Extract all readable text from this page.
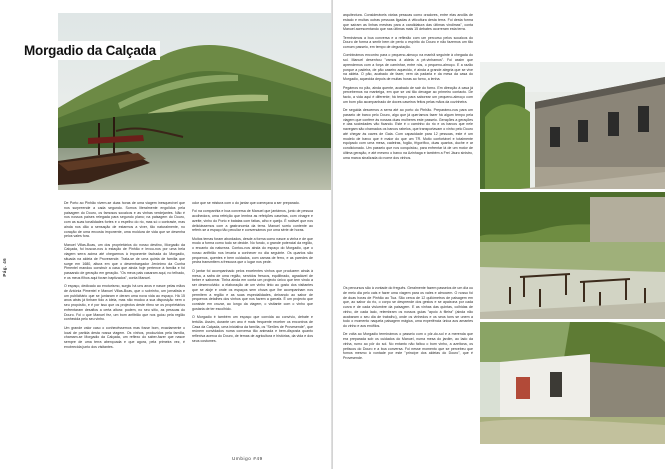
Morgadio da Calçada
Pág. 46

De Porto ao Pinhão vivem-se duas horas de uma viagem inesquecível que nos surpreende a cada segundo. Somos literalmente engolidos pela paisagem do Douro, os famosos socalcos e as vinhas verdejantes. Não é nos nossos países relegada para segundo plano; na paisagem do Douro, com as suas tonalidades fortes e o espelho do rio, mas só o contraste, mas ainda nos dão a sensação de estarmos a viver, tão naturalmente, no coração de uma encosta imponente, uma moldura de vida que se desenha pelos vales fora.

Manuel Villas-Boas, um dos proprietários do nosso destino, Morgadio da Calçada, foi buscar-nos à estação de Pinhão e levou-nos por uma bela viagem serra acima até chegarmos à imponente fachada do Morgadio, situada na aldeia de Provesende. Trata-se de uma quinta de família que surge em 1680, altura em que o desembargador Jerónimo da Cunha Pimentel mandou construir a casa que ainda hoje pertence à família e foi passando de geração em geração. "Os meus pais casaram aqui, no telhado, e os meus filhos aqui foram baptizados", conta Manuel.

O espaço, dedicado ao enoturismo, surgiu há uns anos e nasce pelas mãos de Antónia Pimentel e Manuel Villas-Boas, que o sobrinho, um jornalista e um publicitário que se juntaram e deram uma nova vida ao espaço. Há 15 anos atrás já tinham tido a ideia, mas não mudou a sua disposição nem o seu propósito, e é por isso que os projectos deste ritmo se os proprietários enfrentaram desafios a certa altura: podem, no seu sítio, as pessoas do Douro. Foi o que Manuel fez, um bom anfitrião que nos guiou pela região conhecida pelo seu vinho.

Um grande valor caso o conhecêssemos mas fosse bom, exactamente o local de partida desta nossa viagem. Os vinhos, produzidos pela família, chamam-se Morgadio da Calçada, um reflexo do saber-fazer que nasce sempre de uma terra abençoada e que agora, pela primeira vez, é enobrecida junto dos visitantes.

odor que se mistura com o do jantar que começava a ser preparado.

Foi na companhia e boa conversa de Manuel que jantámos, junto de pessoa acolhedora, uma refeição que lembra as refeições caseiras, com vinagre e azeite, vinho do Porto e batatas com fatias, alho e queijo. É notável que nos deliciássemos com a gastronomia da terra. Manuel sorriu contente ao referir-se a espaço tão peculiar e conversámos por uma série de horas.

Muitos temas foram abordados, desde a forma como nasce a vinha e de que modo a forma como tudo se decide. No fundo, o grande potencial da região, o encanto da natureza. Contou-nos ainda do espaço do Morgadio, que o nosso anfitrião nos levaria a conhecer no dia seguinte. Os quartos são pequenos, quentes e bem cuidados, com camas de ferro, e as paredes de pedra transmitem a frescura que o lugar nos pede.

O jantar foi acompanhado pelos excelentes vinhos que produzem ainda à mesa, a safra de uma região, servidos frescos, equilibrado, agradável de beber e saborear. Tinha ainda em conta um projecto único que tem vindo a ser desenvolvido: a elaboração de um vinho tinto ao gosto dos visitantes que se aloje e onde os espaços sem chuva que lhe acompanham nos permitem a região e as suas especialidades, deixando ao sabor de pequenos detalhes dos vinhos que nos fazem a garrafa. É um projecto que consiste em cruzar, ao longo da viagem, o visitante com o vinho que gostaria de ter escolhido.

O Morgadio é também um espaço que convida ao convívio, debate e tertúlia. Assim, durante um ano é mais frequente receber os encontros de Casa da Calçada, uma iniciativa da família, os "Serões de Provesende", que reúnem convidados numa conversa tão animada e bem-disposta quanto reflexiva acerca do Douro, de temas de agricultura e histórias, da vida e dos seus costumes.

Umbigo #49

arquitectura. Consideráveis várias pessoas como oradores, entre elas anciãs de estado e muitas outras pessoas ligadas à viticultura desta terra. Foi desta forma que saíram as linhas mestras para a candidatura das últimas vindimas", conta Manuel acrescentando que nas últimas mais 15 debates ocorreram esta terra.

Terminámos a boa conversa e a reflexão com um percurso pelos socalcos do Douro de forma a sentir bem de perto o espírito do Douro e não fazemos um tão comum passeio, em tempo de degustação.

Combinámos encontro para o pequeno-almoço na manhã seguinte à chegada do sol. Manuel desenhou "vamos à aldeia a pé-vinhamos". Foi assim que aprendemos com a força de caminhar, entre nós, o pequeno-almoço. E a razão porque a padeira, de pão caseiro aquecido, é ainda a grande alegria que se vive na aldeia. O pão, acabado de fazer, vem da padaria e da mesa da casa do Morgadio, aquecida depois de muitas horas ao forno, a lenha.

Pegámos no pão, ainda quente, acabado de sair do forno. Em direcção à casa já percebemos na manteiga, em que se vai tão devagar ao primeiro contacto. De facto, a vida aqui é diferente; há tempo para saborear um pequeno-almoço com um bom pão acompanhado de doces caseiros feitos pelas mãos da cozinheira.

De seguida descemos a serra até ao porto do Pinhão. Preparámo-nos para um passeio de barco pelo Douro, algo que já queríamos fazer há algum tempo pela viagem que confere às nossas duas mulheres este passeio. Gerações a gerações e das sociedades vão ficando. Este é o caminho do rio e os barcos que nele navegam são chamados os barcos rabelos, que transportavam o vinho pelo Douro até chegar às caves de Gaia. Com capacidade para 12 pessoas, este é um modelo de barco que é maior do que um TR. Muito confortável e totalmente equipado com uma mesa, cadeiras, fogão, frigorífico, duas quartos, duche e ar condicionado. Um passeio que nos conquistou, para enfrentar lá de um motor de última geração, e até mesmo o barco na Azinhaga e também a Frei Jáuro sinistro, uma marca sinalizada do nome dos vinhos.

Os percursos são à vontade do freguês. Geralmente fazem passeios de um dia ou de meio dia pelo cais e fazer uma viagem para os vales e almocem. O nosso foi de duas horas de Pinhão ao Tua. São cerca de 12 quilómetros de paisagem em que, ao sabor do rio, o corpo se desprende dos gestos e se apaixona por cada curva e de cada vislumbre da paisagem. E as vinhas das quintas, colhidas de vinho, de cada lado, relembram os nossos guias "apoio à fileira" (ainda não acabaram o seu dia de trabalho), onde os vinhedos e os seus tons se unem a todo o momento naquela paisagem mágica, uma experiência única aos amantes do vinho e aos enófilos.

De volta ao Morgadio terminámos o passeio com o pôr-do-sol e a merenda que era preparada sob os cuidados do Manuel, numa mesa do jardim, ao lado da vinha, rumo ao pôr do sol. No entanto não faltou o bom vinho, a azeitona, os petiscos do Douro e a boa conversa. Foi nesse momento que se percebeu que fomos mesmo à vontade por este "princípe dos aldeias do Douro", que é Provesende.
